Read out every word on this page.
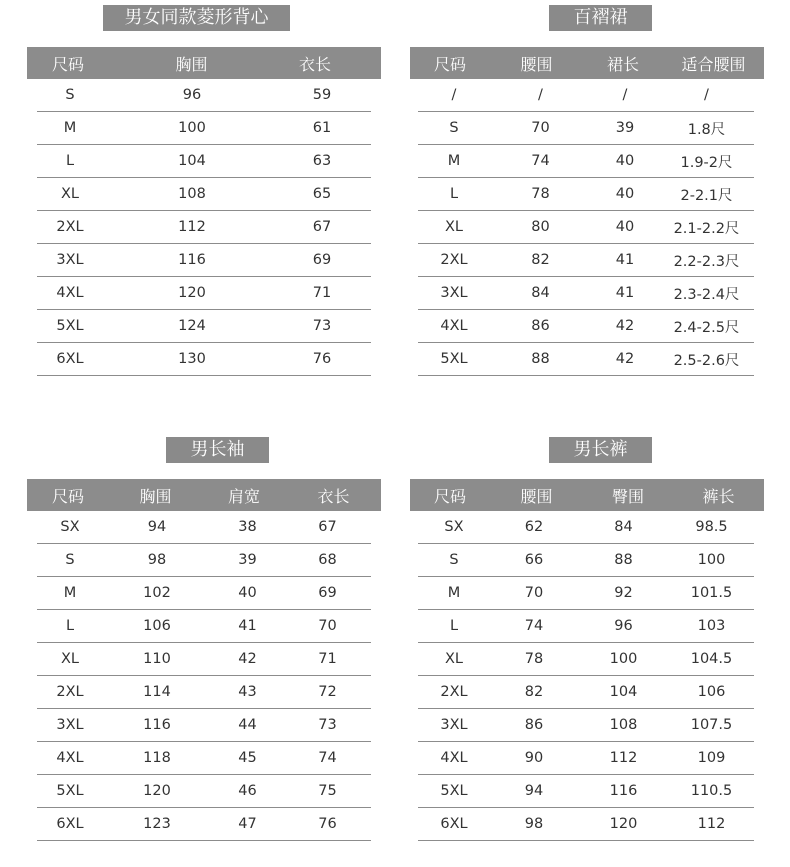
男女同款菱形背心
尺码	胸围	衣长
S	96	59
M	100	61
L	104	63
XL	108	65
2XL	112	67
3XL	116	69
4XL	120	71
5XL	124	73
6XL	130	76
百褶裙
尺码	腰围	裙长	适合腰围
/	/	/	/
S	70	39	1.8尺
M	74	40	1.9-2尺
L	78	40	2-2.1尺
XL	80	40	2.1-2.2尺
2XL	82	41	2.2-2.3尺
3XL	84	41	2.3-2.4尺
4XL	86	42	2.4-2.5尺
5XL	88	42	2.5-2.6尺
男长袖
尺码	胸围	肩宽	衣长
SX	94	38	67
S	98	39	68
M	102	40	69
L	106	41	70
XL	110	42	71
2XL	114	43	72
3XL	116	44	73
4XL	118	45	74
5XL	120	46	75
6XL	123	47	76
男长裤
尺码	腰围	臀围	裤长
SX	62	84	98.5
S	66	88	100
M	70	92	101.5
L	74	96	103
XL	78	100	104.5
2XL	82	104	106
3XL	86	108	107.5
4XL	90	112	109
5XL	94	116	110.5
6XL	98	120	112
